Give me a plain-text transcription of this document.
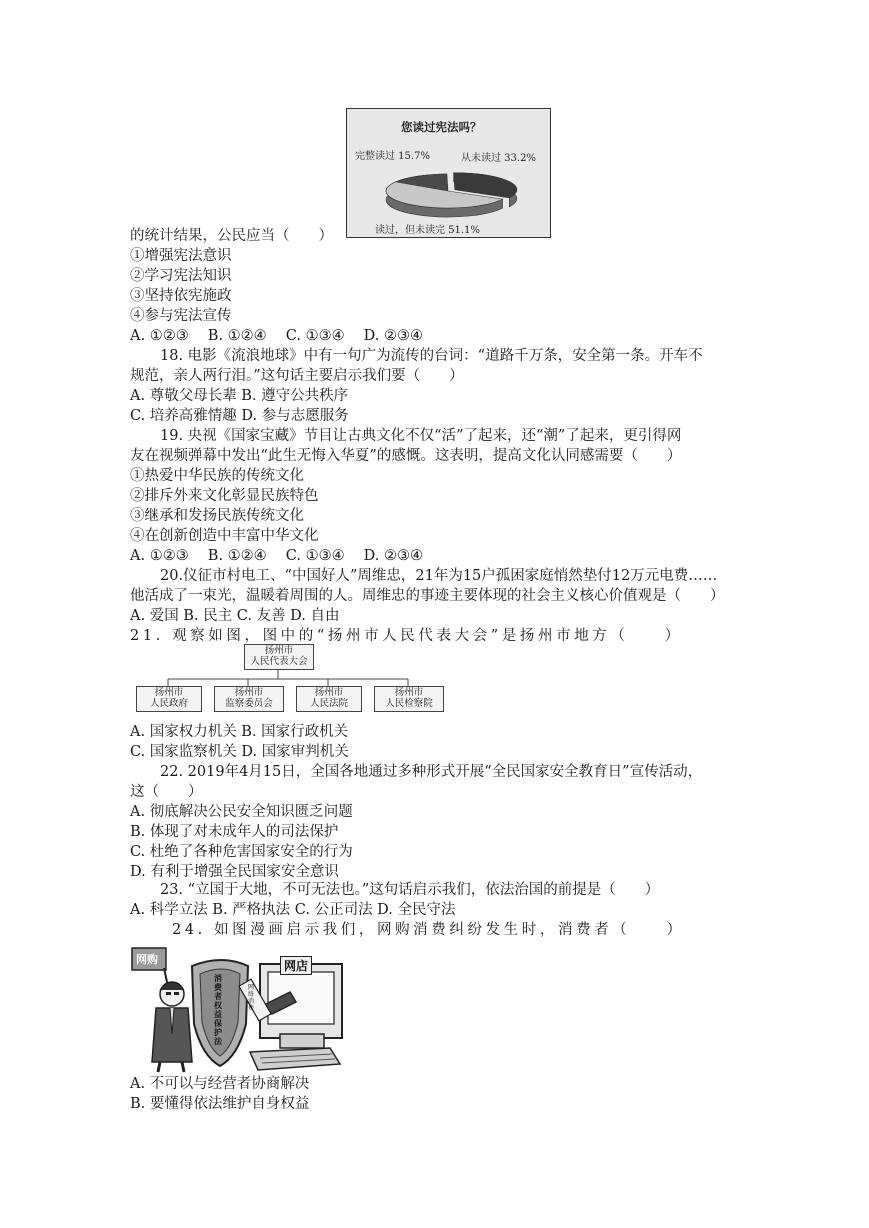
您读过宪法吗？
完整读过 15.7%	从未读过 33.2%
读过，但未读完 51.1%
的统计结果，公民应当（　　）
①增强宪法意识
②学习宪法知识
③坚持依宪施政
④参与宪法宣传
A. ①②③　 B. ①②④　 C. ①③④　 D. ②③④
18. 电影《流浪地球》中有一句广为流传的台词：“道路千万条，安全第一条。开车不
规范，亲人两行泪。”这句话主要启示我们要（　　）
A. 尊敬父母长辈 B. 遵守公共秩序
C. 培养高雅情趣 D. 参与志愿服务
19. 央视《国家宝藏》节目让古典文化不仅“活”了起来，还“潮”了起来，更引得网
友在视频弹幕中发出“此生无悔入华夏”的感慨。这表明，提高文化认同感需要（　　）
①热爱中华民族的传统文化
②排斥外来文化彰显民族特色
③继承和发扬民族传统文化
④在创新创造中丰富中华文化
A. ①②③　 B. ①②④　 C. ①③④　 D. ②③④
20.仪征市村电工、“中国好人”周维忠，21年为15户孤困家庭悄然垫付12万元电费……
他活成了一束光，温暖着周围的人。周维忠的事迹主要体现的社会主义核心价值观是（　　）
A. 爱国 B. 民主 C. 友善 D. 自由
21. 观察如图，图中的“扬州市人民代表大会”是扬州市地方（　　）
扬州市
人民代表大会
扬州市
人民政府
扬州市
监察委员会
扬州市
人民法院
扬州市
人民检察院
A. 国家权力机关 B. 国家行政机关
C. 国家监察机关 D. 国家审判机关
22. 2019年4月15日，全国各地通过多种形式开展“全民国家安全教育日”宣传活动，
这（　　）
A. 彻底解决公民安全知识匮乏问题
B. 体现了对未成年人的司法保护
C. 杜绝了各种危害国家安全的行为
D. 有利于增强全民国家安全意识
23. “立国于大地，不可无法也。”这句话启示我们，依法治国的前提是（　　）
A. 科学立法 B. 严格执法 C. 公正司法 D. 全民守法
24. 如图漫画启示我们，网购消费纠纷发生时，消费者（　　）
网购	网店
消费者权益保护法
网络消费
A. 不可以与经营者协商解决
B. 要懂得依法维护自身权益
